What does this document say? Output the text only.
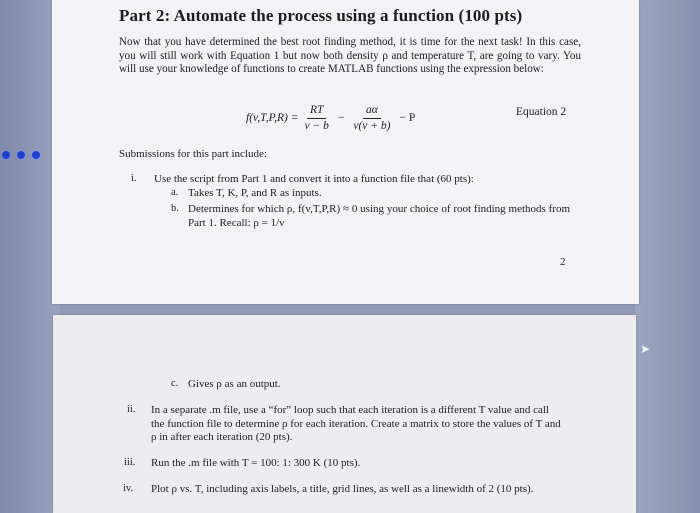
➤
Part 2: Automate the process using a function (100 pts)
Now that you have determined the best root finding method, it is time for the next task! In this case, you will still work with Equation 1 but now both density ρ and temperature T, are going to vary. You will use your knowledge of functions to create MATLAB functions using the expression below:
$f(v,T,P,R) = \frac{RT}{v - b} - \frac{a\alpha}{v(v + b)} - P$	Equation 2
Submissions for this part include:
i. Use the script from Part 1 and convert it into a function file that (60 pts):
a. Takes T, K, P, and R as inputs.
b. Determines for which ρ, f(v,T,P,R) ≈ 0 using your choice of root finding methods from Part 1. Recall: ρ = 1/v
2
c. Gives ρ as an output.
ii. In a separate .m file, use a “for” loop such that each iteration is a different T value and call the function file to determine ρ for each iteration. Create a matrix to store the values of T and ρ in after each iteration (20 pts).
iii. Run the .m file with T = 100: 1: 300 K (10 pts).
iv. Plot ρ vs. T, including axis labels, a title, grid lines, as well as a linewidth of 2 (10 pts).
